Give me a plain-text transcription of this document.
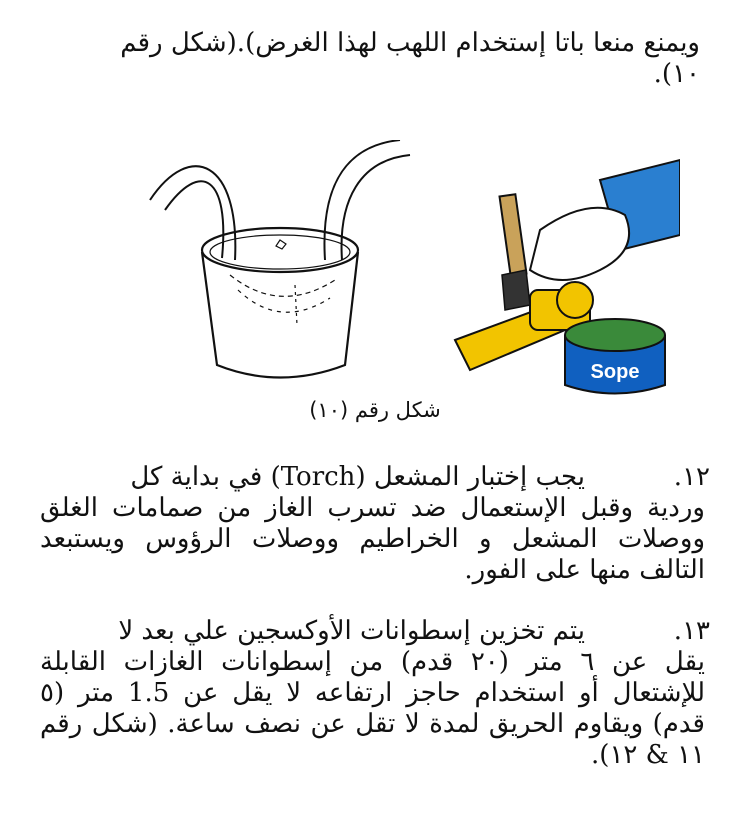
ويمنع منعا باتا إستخدام اللهب لهذا الغرض).(شكل رقم
١٠).
Sope
شكل رقم (١٠)
١٢.
يجب إختبار المشعل (Torch) في بداية كل
وردية وقبل الإستعمال ضد تسرب الغاز من صمامات الغلق ووصلات المشعل و الخراطيم ووصلات الرؤوس ويستبعد التالف منها على الفور.
١٣.
يتم تخزين إسطوانات الأوكسجين علي بعد لا
يقل عن ٦ متر (٢٠ قدم) من إسطوانات الغازات القابلة للإشتعال أو استخدام حاجز ارتفاعه لا يقل عن 1.5 متر (٥ قدم) ويقاوم الحريق لمدة لا تقل عن نصف ساعة. (شكل رقم ١١ & ١٢).
